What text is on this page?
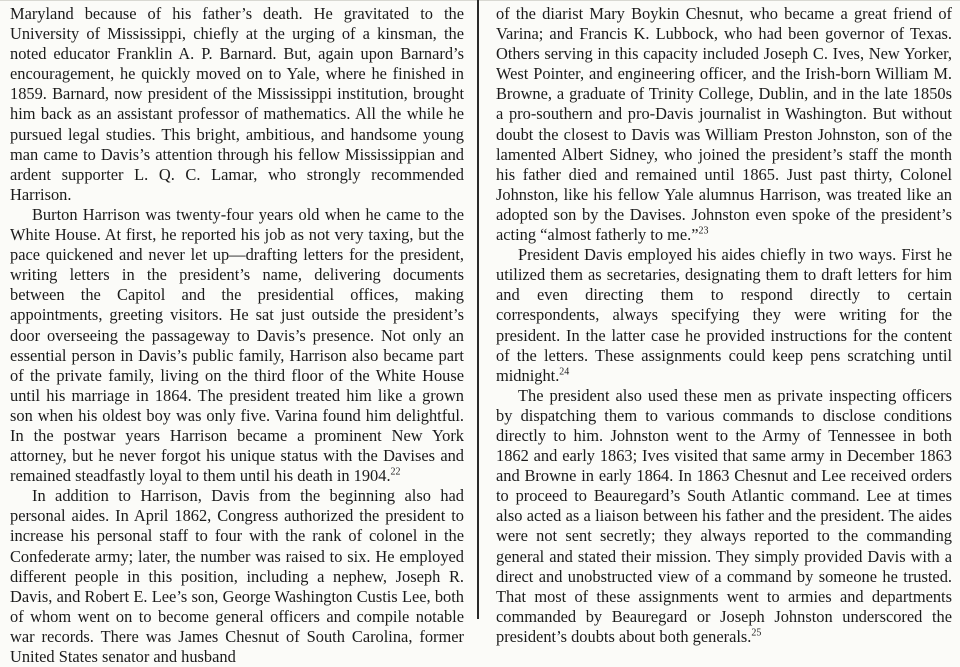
Maryland because of his father’s death. He gravitated to the University of Mississippi, chiefly at the urging of a kinsman, the noted educator Franklin A. P. Barnard. But, again upon Barnard’s encouragement, he quickly moved on to Yale, where he finished in 1859. Barnard, now president of the Mississippi institution, brought him back as an assistant professor of mathematics. All the while he pursued legal studies. This bright, ambitious, and handsome young man came to Davis’s attention through his fellow Mississippian and ardent supporter L. Q. C. Lamar, who strongly recommended Harrison.

Burton Harrison was twenty-four years old when he came to the White House. At first, he reported his job as not very taxing, but the pace quickened and never let up—drafting letters for the president, writing letters in the president’s name, delivering documents between the Capitol and the presidential offices, making appointments, greeting visitors. He sat just outside the president’s door overseeing the passageway to Davis’s presence. Not only an essential person in Davis’s public family, Harrison also became part of the private family, living on the third floor of the White House until his marriage in 1864. The president treated him like a grown son when his oldest boy was only five. Varina found him delightful. In the postwar years Harrison became a prominent New York attorney, but he never forgot his unique status with the Davises and remained steadfastly loyal to them until his death in 1904.22

In addition to Harrison, Davis from the beginning also had personal aides. In April 1862, Congress authorized the president to increase his personal staff to four with the rank of colonel in the Confederate army; later, the number was raised to six. He employed different people in this position, including a nephew, Joseph R. Davis, and Robert E. Lee’s son, George Washington Custis Lee, both of whom went on to become general officers and compile notable war records. There was James Chesnut of South Carolina, former United States senator and husband

of the diarist Mary Boykin Chesnut, who became a great friend of Varina; and Francis K. Lubbock, who had been governor of Texas. Others serving in this capacity included Joseph C. Ives, New Yorker, West Pointer, and engineering officer, and the Irish-born William M. Browne, a graduate of Trinity College, Dublin, and in the late 1850s a pro-southern and pro-Davis journalist in Washington. But without doubt the closest to Davis was William Preston Johnston, son of the lamented Albert Sidney, who joined the president’s staff the month his father died and remained until 1865. Just past thirty, Colonel Johnston, like his fellow Yale alumnus Harrison, was treated like an adopted son by the Davises. Johnston even spoke of the president’s acting “almost fatherly to me.”$^{23}$

President Davis employed his aides chiefly in two ways. First he utilized them as secretaries, designating them to draft letters for him and even directing them to respond directly to certain correspondents, always specifying they were writing for the president. In the latter case he provided instructions for the content of the letters. These assignments could keep pens scratching until midnight.$^{24}$

The president also used these men as private inspecting officers by dispatching them to various commands to disclose conditions directly to him. Johnston went to the Army of Tennessee in both 1862 and early 1863; Ives visited that same army in December 1863 and Browne in early 1864. In 1863 Chesnut and Lee received orders to proceed to Beauregard’s South Atlantic command. Lee at times also acted as a liaison between his father and the president. The aides were not sent secretly; they always reported to the commanding general and stated their mission. They simply provided Davis with a direct and unobstructed view of a command by someone he trusted. That most of these assignments went to armies and departments commanded by Beauregard or Joseph Johnston underscored the president’s doubts about both generals.$^{25}$
